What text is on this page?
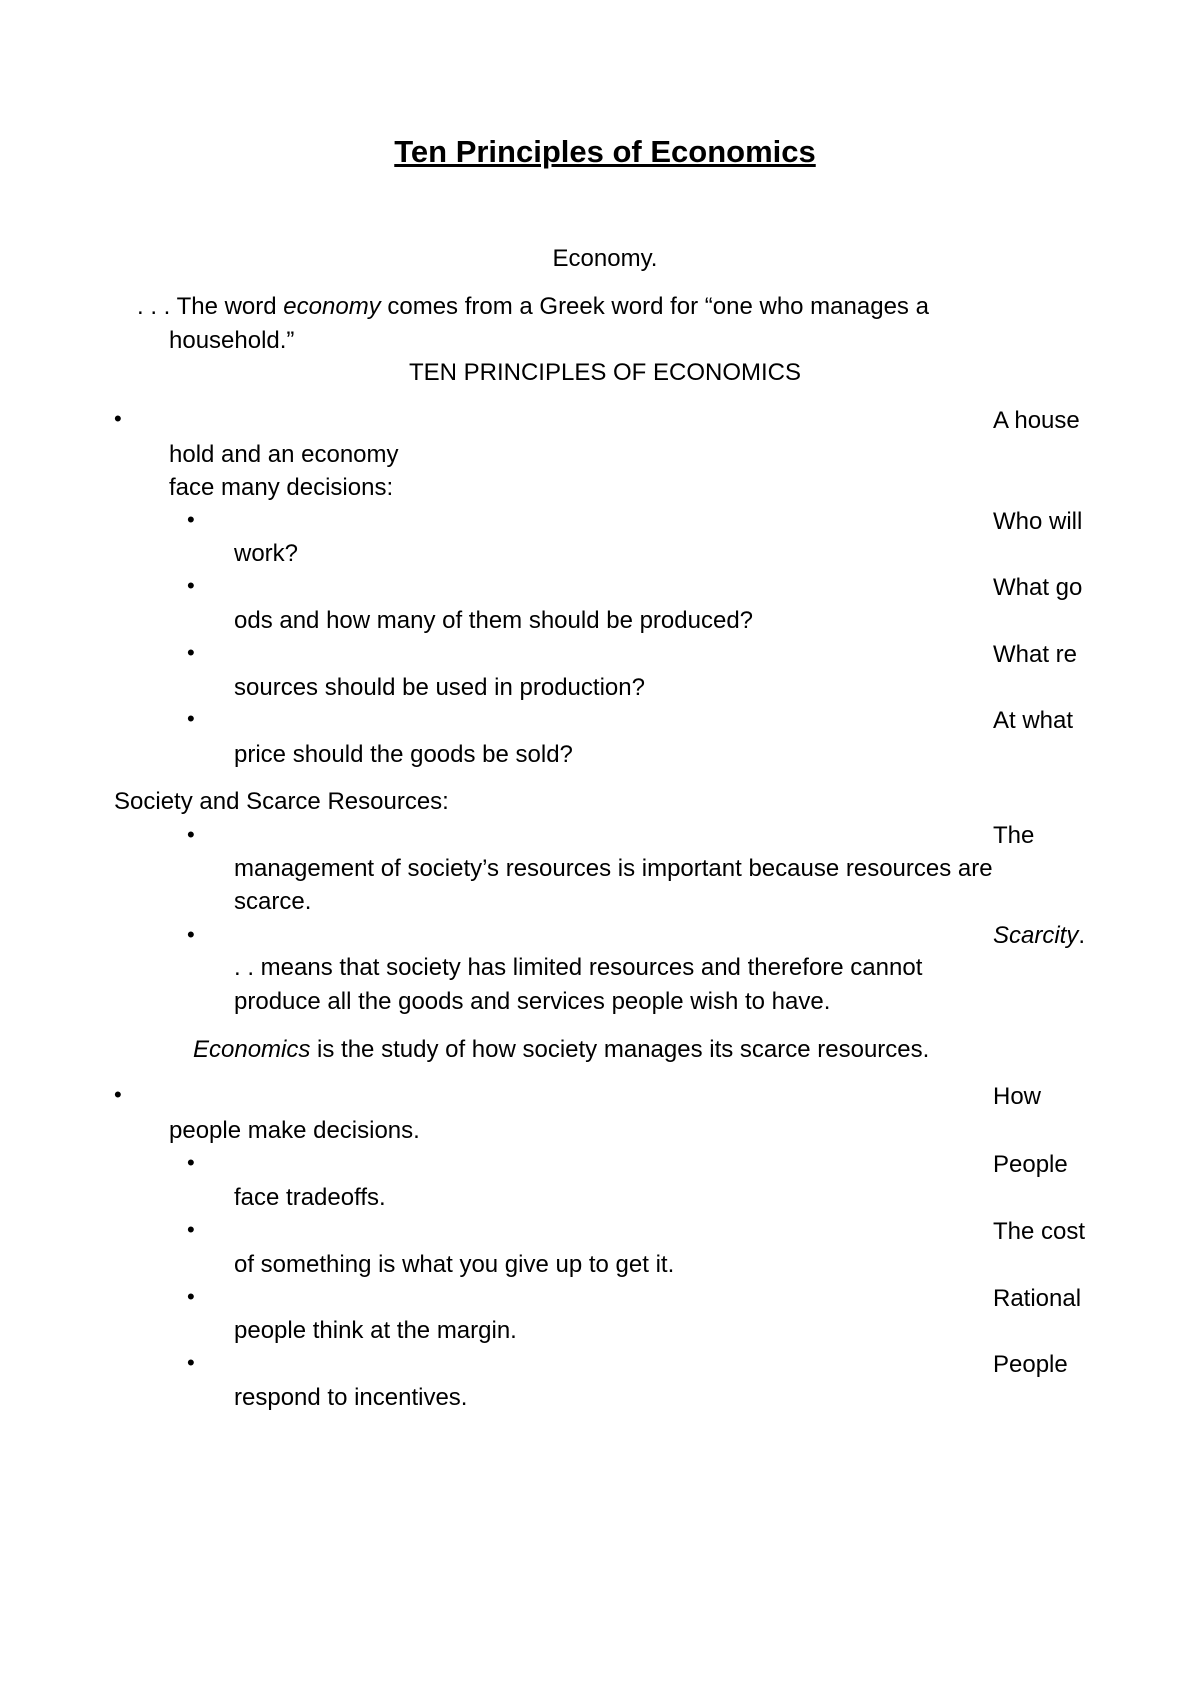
Ten Principles of Economics
Economy.
. . . The word economy comes from a Greek word for “one who manages a
household.”
TEN PRINCIPLES OF ECONOMICS
•	A house
hold and an economy
face many decisions:
•	Who will
work?
•	What go
ods and how many of them should be produced?
•	What re
sources should be used in production?
•	At what
price should the goods be sold?
Society and Scarce Resources:
•	The
management of society’s resources is important because resources are
scarce.
•	Scarcity.
. . means that society has limited resources and therefore cannot
produce all the goods and services people wish to have.
Economics is the study of how society manages its scarce resources.
•	How
people make decisions.
•	People
face tradeoffs.
•	The cost
of something is what you give up to get it.
•	Rational
people think at the margin.
•	People
respond to incentives.
